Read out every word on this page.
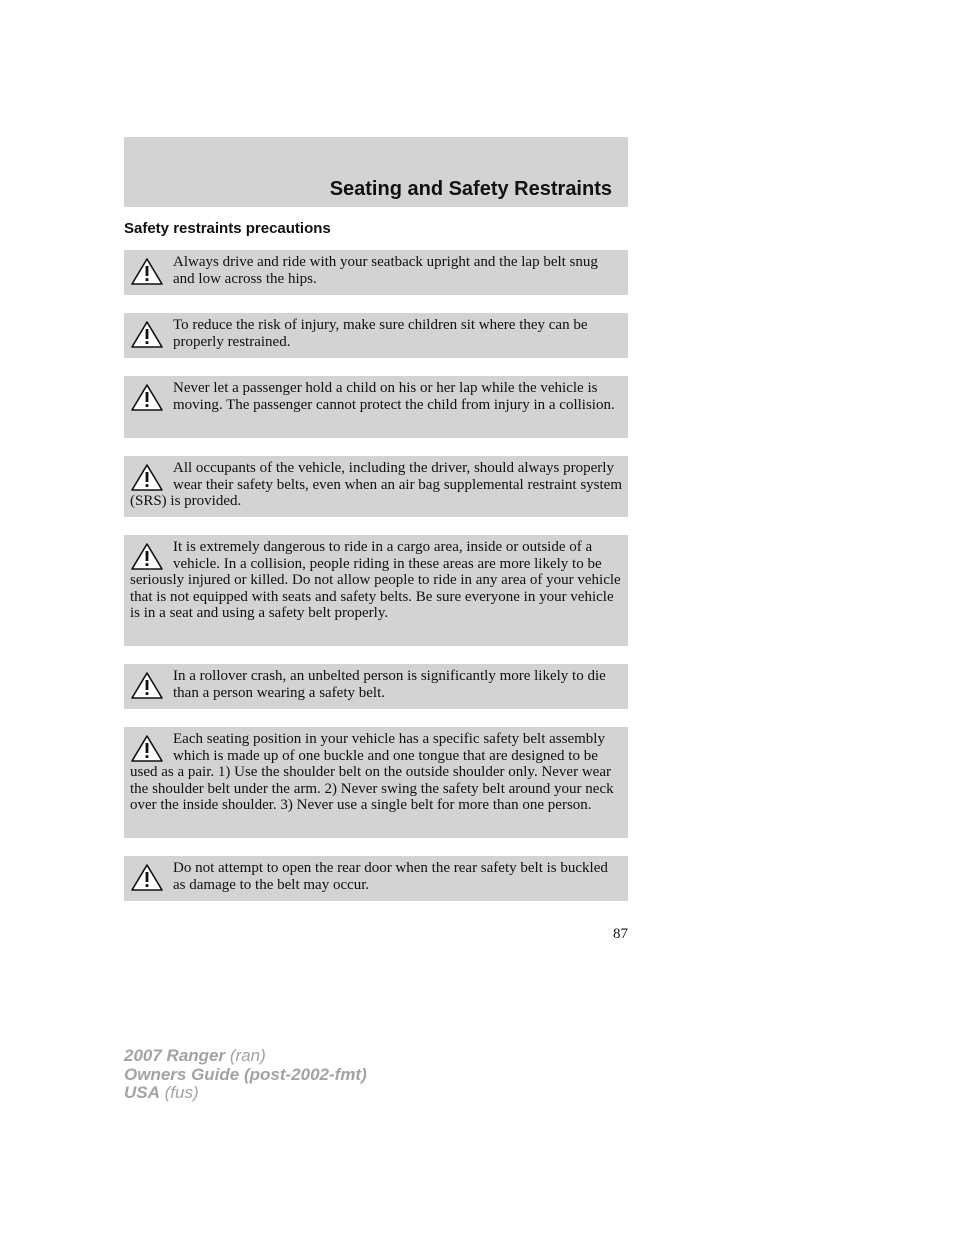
Seating and Safety Restraints
Safety restraints precautions
Always drive and ride with your seatback upright and the lap belt snug and low across the hips.
To reduce the risk of injury, make sure children sit where they can be properly restrained.
Never let a passenger hold a child on his or her lap while the vehicle is moving. The passenger cannot protect the child from injury in a collision.
All occupants of the vehicle, including the driver, should always properly wear their safety belts, even when an air bag supplemental restraint system (SRS) is provided.
It is extremely dangerous to ride in a cargo area, inside or outside of a vehicle. In a collision, people riding in these areas are more likely to be seriously injured or killed. Do not allow people to ride in any area of your vehicle that is not equipped with seats and safety belts. Be sure everyone in your vehicle is in a seat and using a safety belt properly.
In a rollover crash, an unbelted person is significantly more likely to die than a person wearing a safety belt.
Each seating position in your vehicle has a specific safety belt assembly which is made up of one buckle and one tongue that are designed to be used as a pair. 1) Use the shoulder belt on the outside shoulder only. Never wear the shoulder belt under the arm. 2) Never swing the safety belt around your neck over the inside shoulder. 3) Never use a single belt for more than one person.
Do not attempt to open the rear door when the rear safety belt is buckled as damage to the belt may occur.
87
2007 Ranger (ran)
Owners Guide (post-2002-fmt)
USA (fus)
